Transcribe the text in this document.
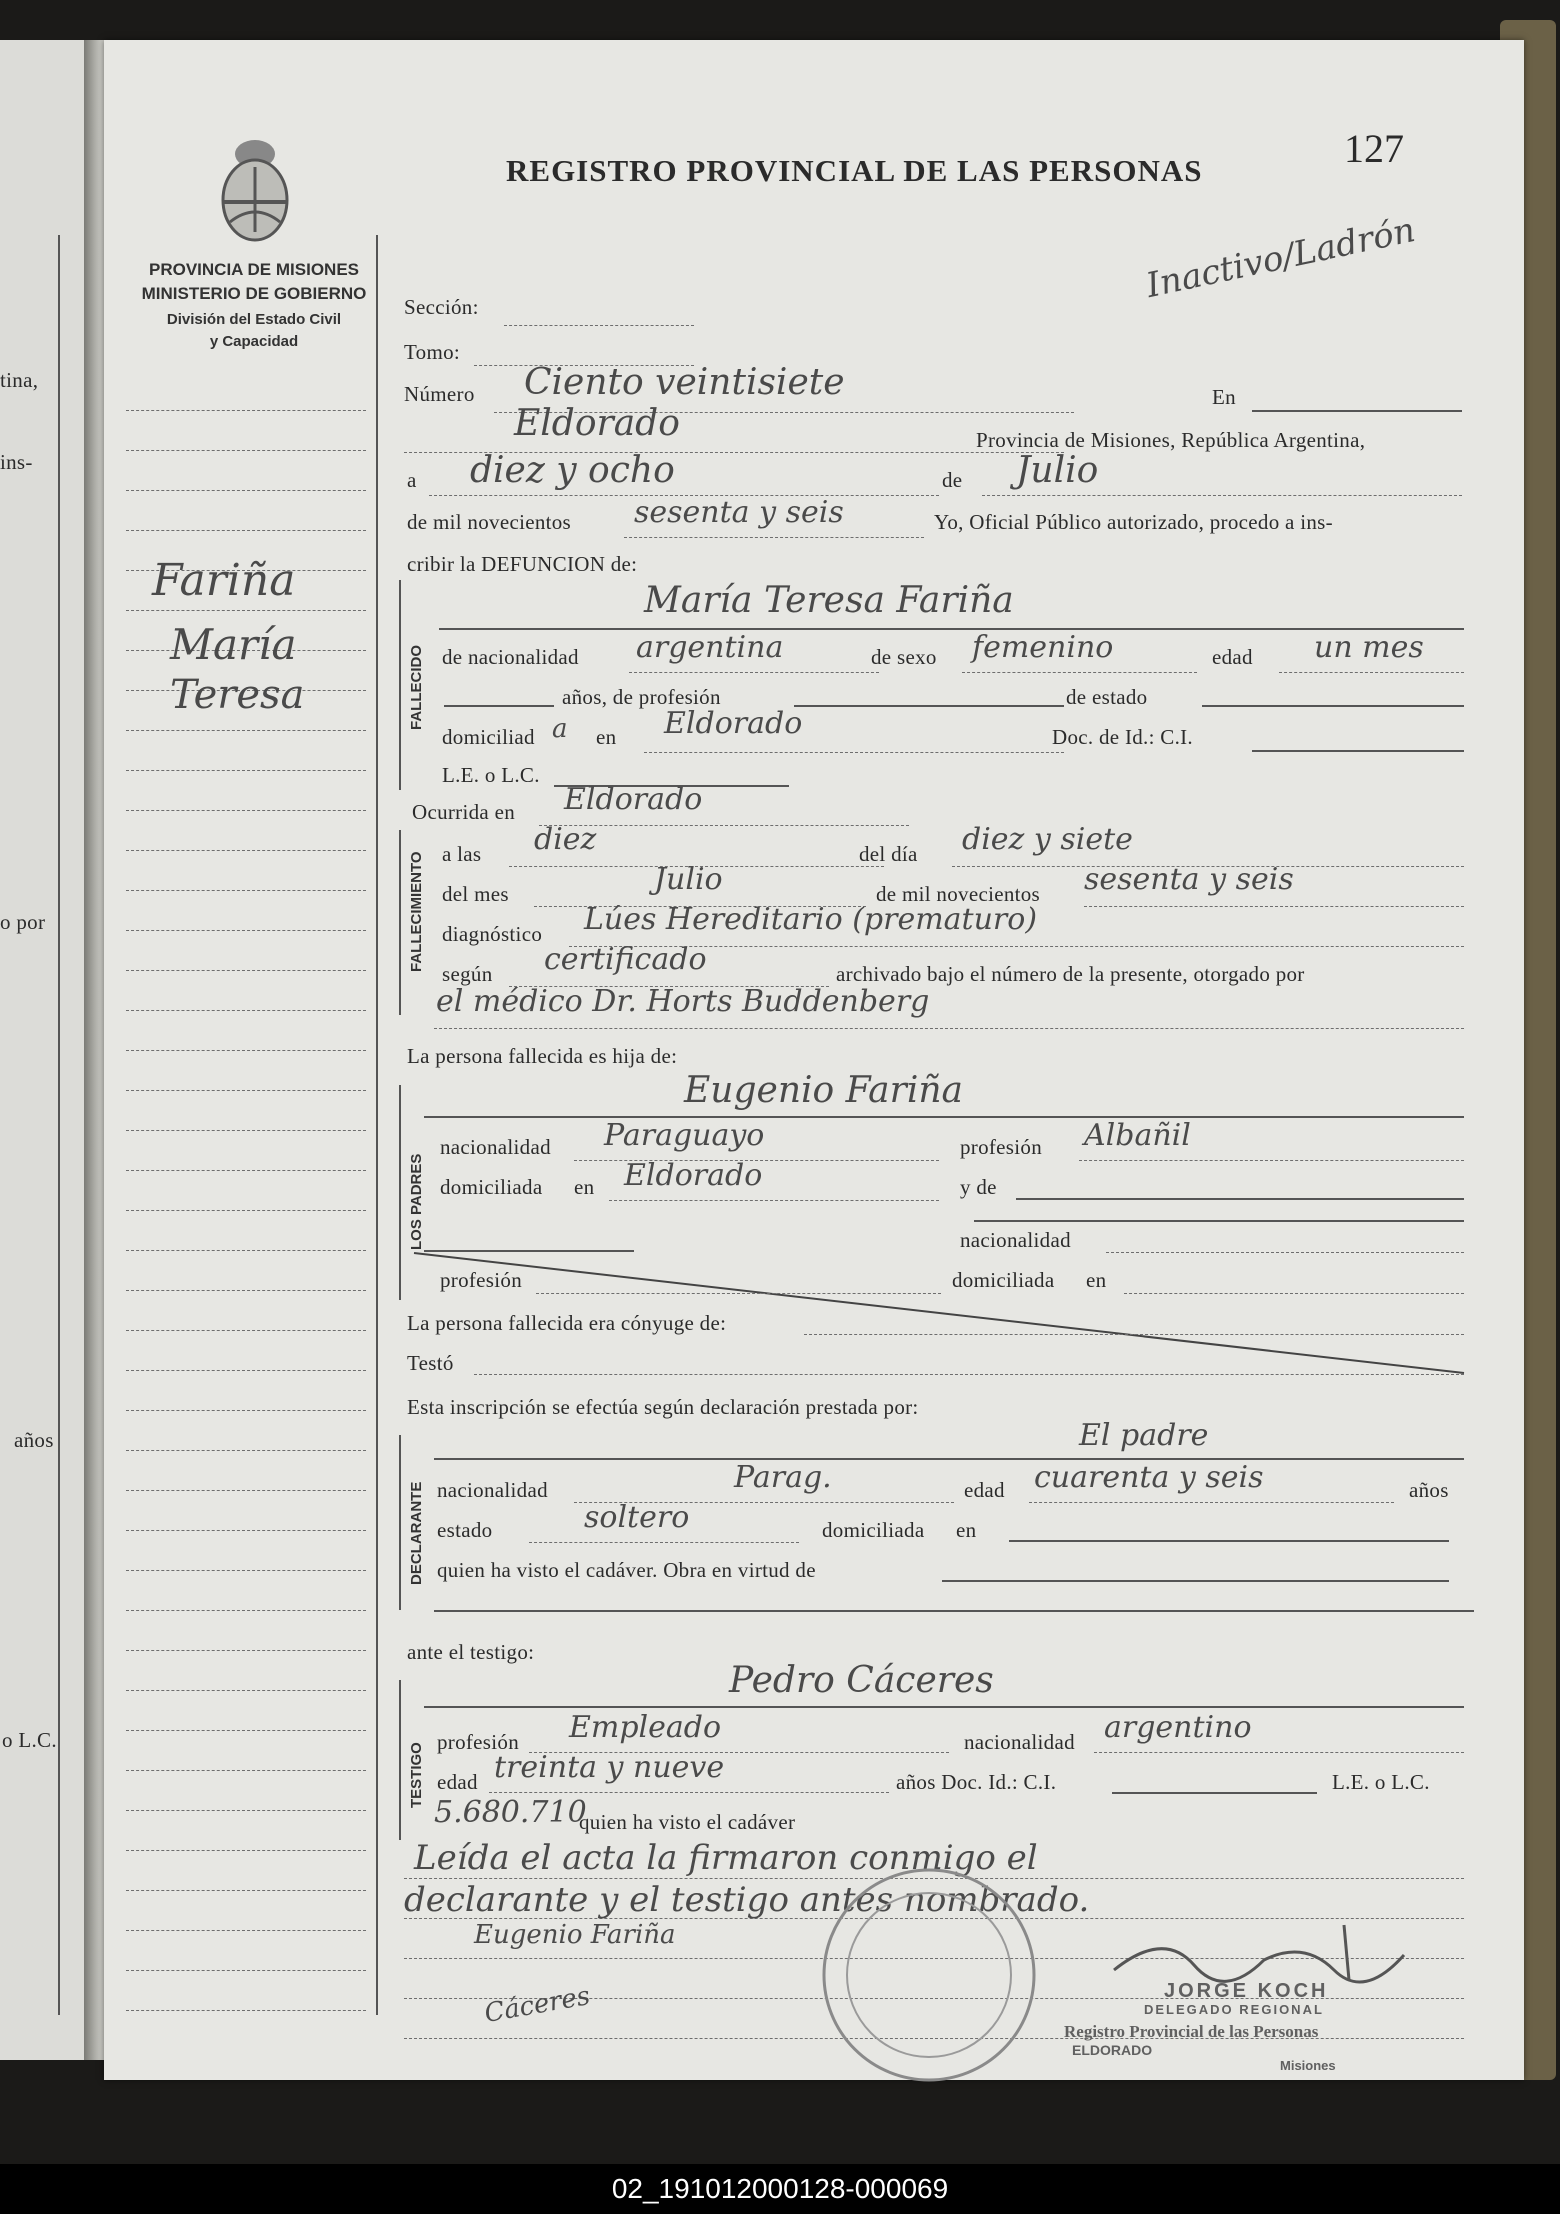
tina,
ins-
o por
años
o L.C.
PROVINCIA DE MISIONES
MINISTERIO DE GOBIERNO
División del Estado Civil
y Capacidad
REGISTRO PROVINCIAL DE LAS PERSONAS	127
Inactivo/Ladrón
Fariña
María
Teresa
Sección:
Tomo:
Número Ciento veintisiete	En
Eldorado	Provincia de Misiones, República Argentina,
a diez y ocho	de Julio
de mil novecientos sesenta y seis	Yo, Oficial Público autorizado, procedo a ins-
cribir la DEFUNCION de:
FALLECIDO
María Teresa Fariña
de nacionalidad argentina	de sexo femenino	edad un mes
años, de profesión	de estado
domiciliad a en Eldorado	Doc. de Id.: C.I.
L.E. o L.C.
Ocurrida en Eldorado
FALLECIMIENTO a las diez	del día diez y siete
del mes	Julio	de mil novecientos sesenta y seis
diagnóstico Lúes Hereditario (prematuro)
según certificado	archivado bajo el número de la presente, otorgado por
el médico Dr. Horts Buddenberg
La persona fallecida es hija de:
LOS PADRES
Eugenio Fariña
nacionalidad Paraguayo	profesión Albañil
domiciliada en Eldorado	y de
nacionalidad
profesión	domiciliada en
La persona fallecida era cónyuge de:
Testó
Esta inscripción se efectúa según declaración prestada por:
DECLARANTE
El padre
nacionalidad	Parag.	edad cuarenta y seis	años
estado	soltero	domiciliada en
quien ha visto el cadáver. Obra en virtud de
ante el testigo:
TESTIGO
Pedro Cáceres
profesión Empleado	nacionalidad argentino
edad treinta y nueve	años Doc. Id.: C.I.	L.E. o L.C.
5.680.710
quien ha visto el cadáver
Leída el acta la firmaron conmigo el
declarante y el testigo antes nombrado.
Eugenio Fariña
Cáceres	JORGE KOCH
DELEGADO REGIONAL
Registro Provincial de las Personas
ELDORADO
Misiones
02_191012000128-000069
